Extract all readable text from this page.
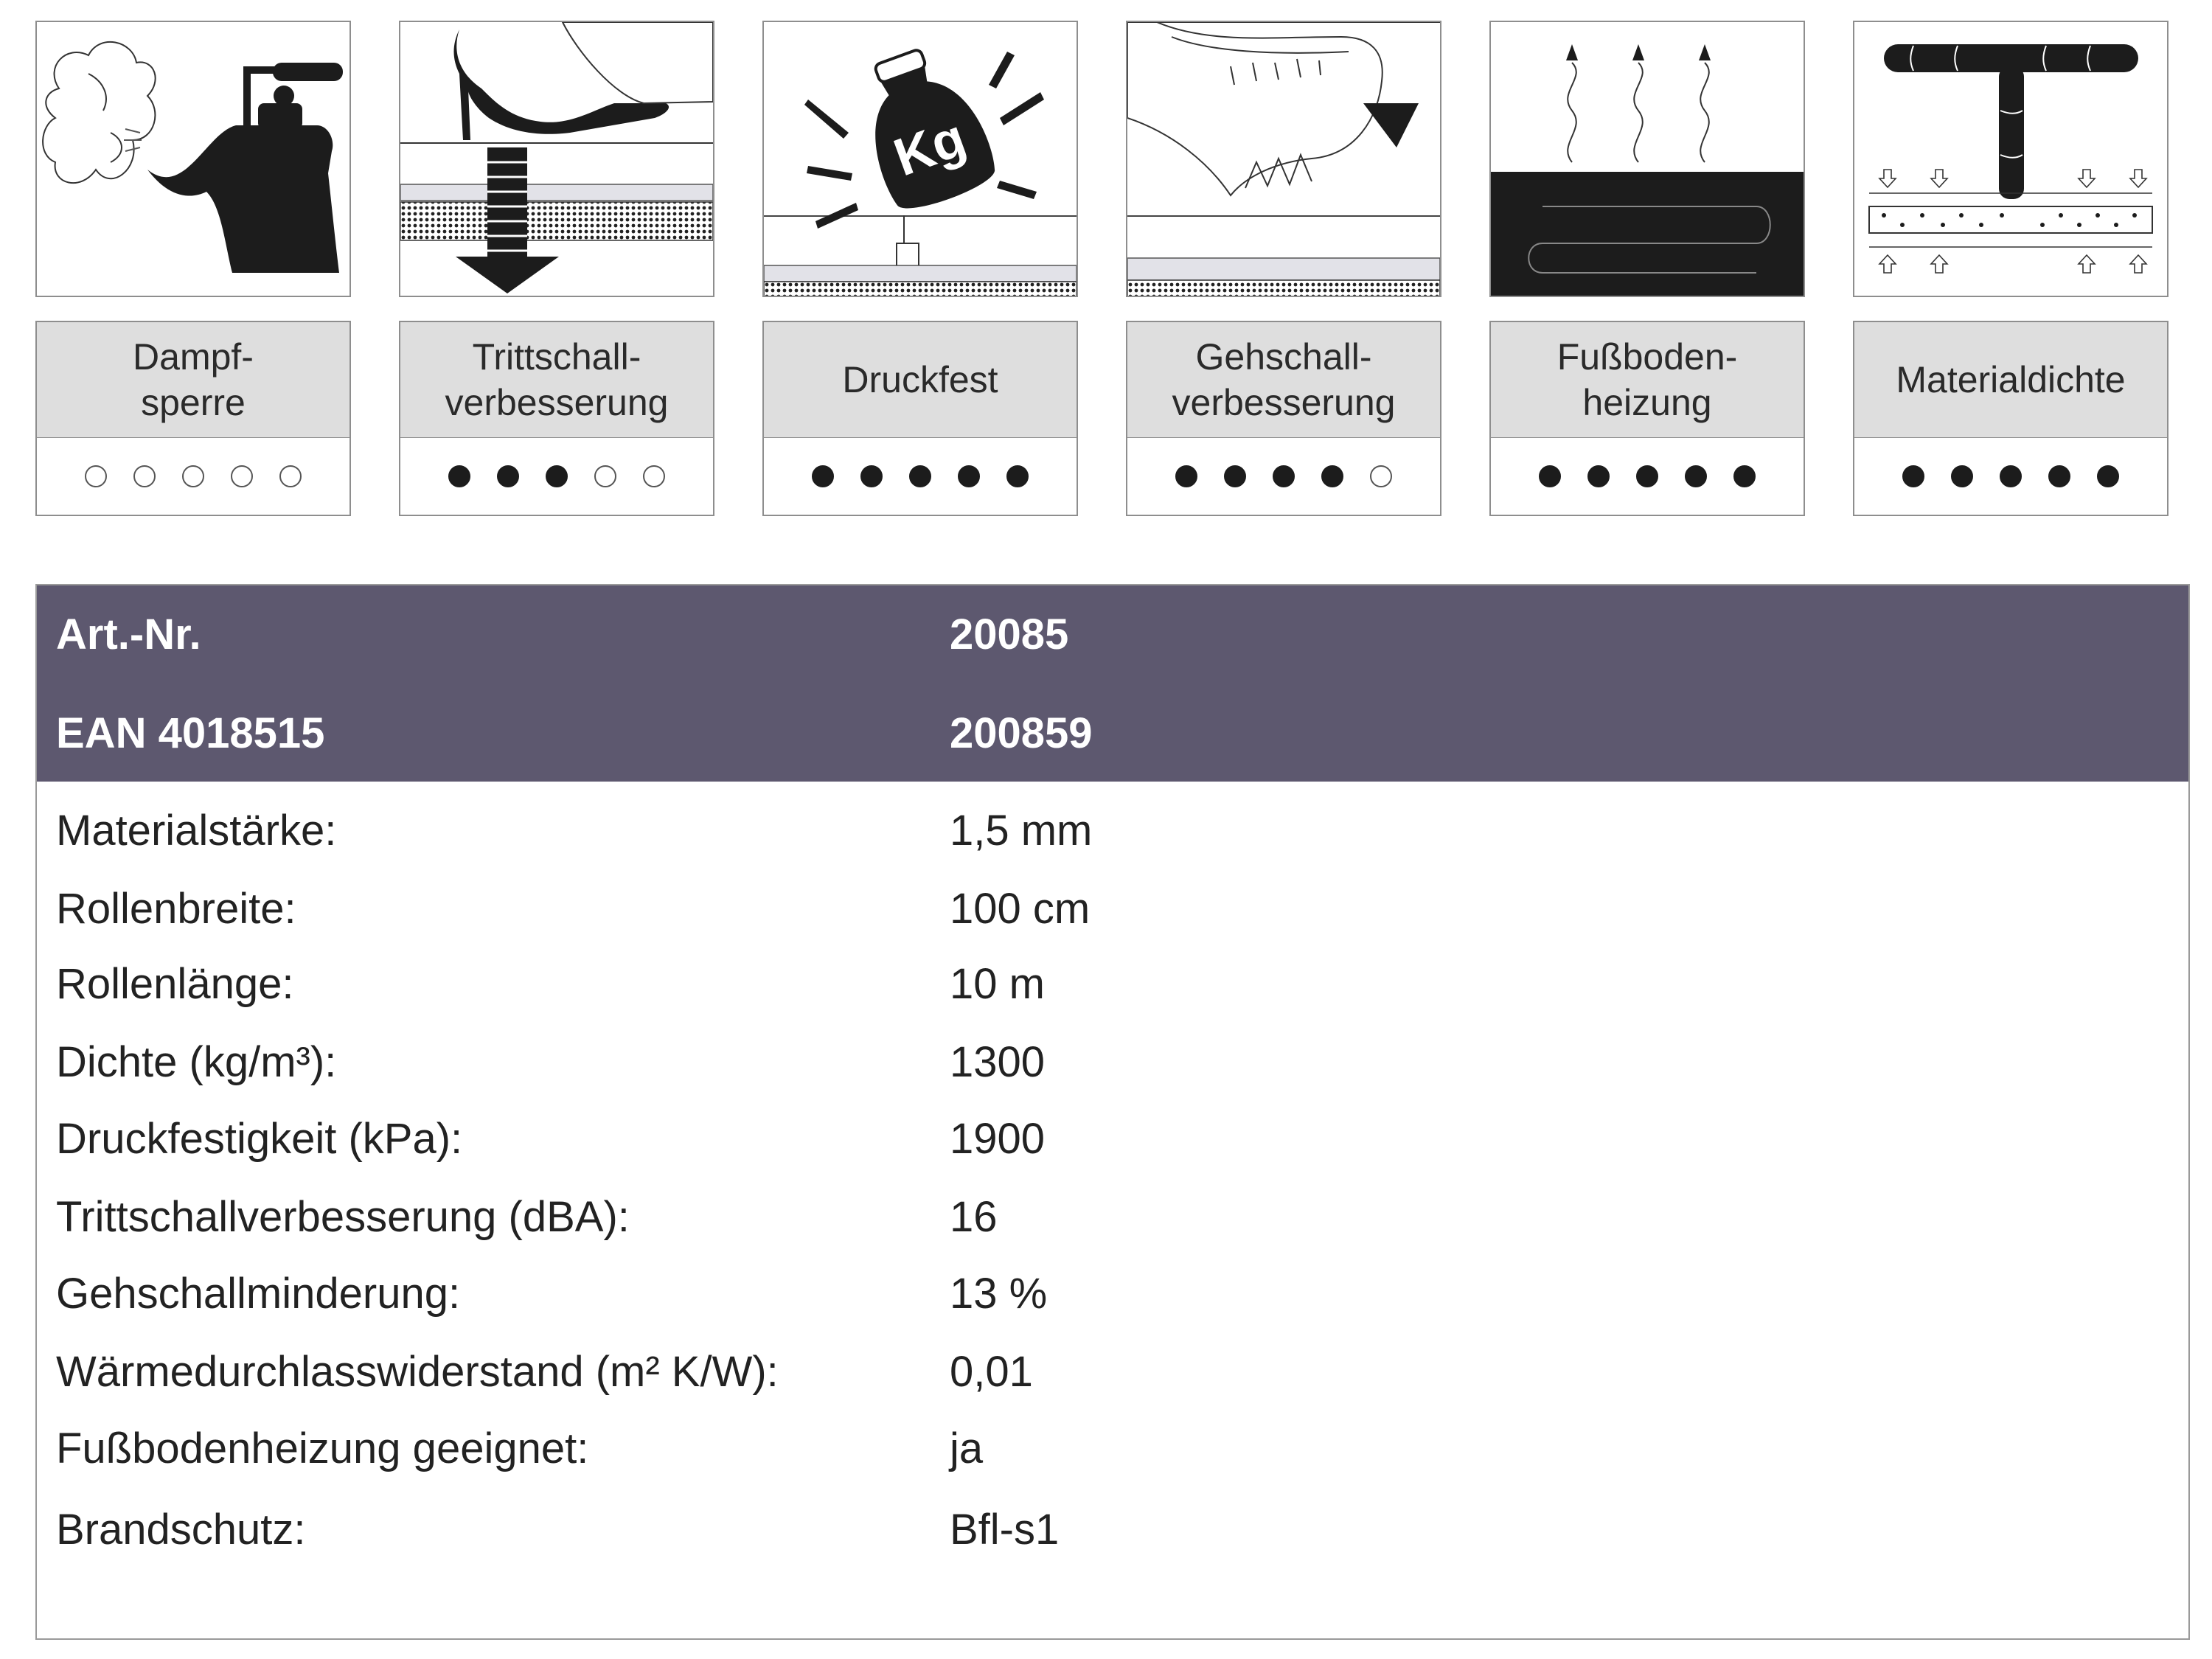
Dampf-
sperre
Trittschall-
verbesserung
Kg
Druckfest
Gehschall-
verbesserung
Fußboden-
heizung
Materialdichte
Art.-Nr.	20085
EAN 4018515	200859
Materialstärke:	1,5 mm
Rollenbreite:	100 cm
Rollenlänge:	10 m
Dichte (kg/m³):	1300
Druckfestigkeit (kPa):	1900
Trittschallverbesserung (dBA):	16
Gehschallminderung:	13 %
Wärmedurchlasswiderstand (m² K/W):	0,01
Fußbodenheizung geeignet:	ja
Brandschutz:	Bfl-s1
